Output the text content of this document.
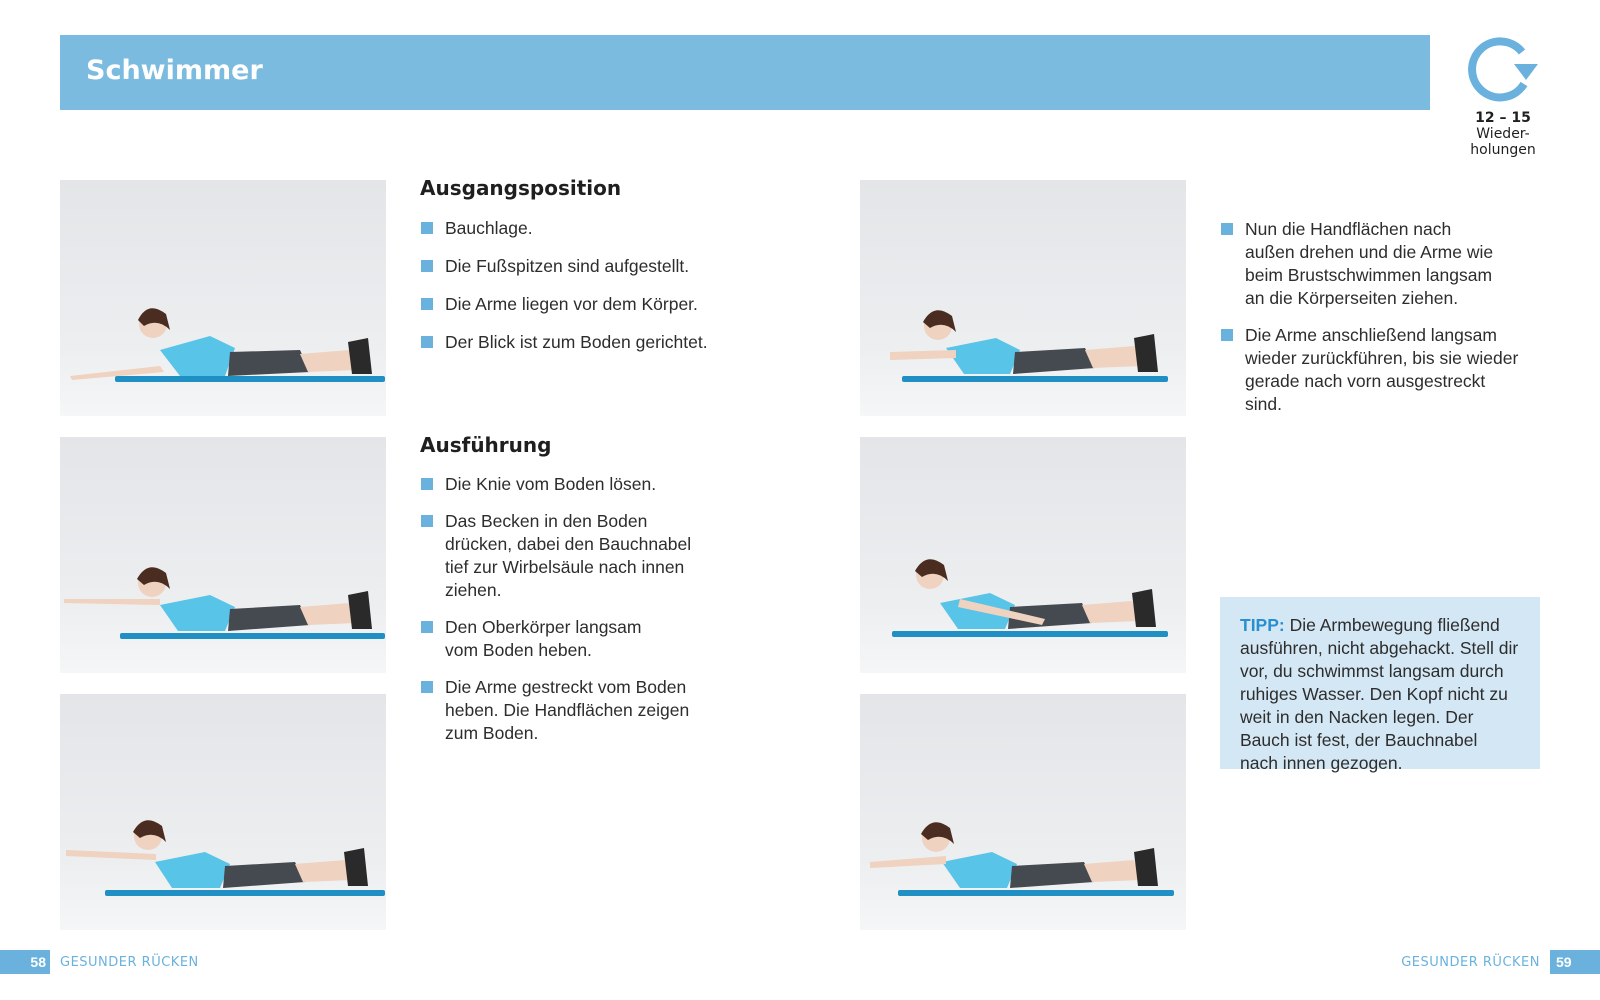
Schwimmer
12 – 15
Wieder-
holungen
Ausgangsposition
Bauchlage.
Die Fußspitzen sind aufgestellt.
Die Arme liegen vor dem Körper.
Der Blick ist zum Boden gerichtet.
Ausführung
Die Knie vom Boden lösen.
Das Becken in den Boden drücken, dabei den Bauchnabel tief zur Wirbelsäule nach innen ziehen.
Den Oberkörper langsam vom Boden heben.
Die Arme gestreckt vom Boden heben. Die Handflächen zeigen zum Boden.
Nun die Handflächen nach außen drehen und die Arme wie beim Brustschwimmen langsam an die Körperseiten ziehen.
Die Arme anschließend langsam wieder zurückführen, bis sie wieder gerade nach vorn ausgestreckt sind.
TIPP: Die Armbewegung fließend ausführen, nicht abgehackt. Stell dir vor, du schwimmst langsam durch ruhiges Wasser. Den Kopf nicht zu weit in den Nacken legen. Der Bauch ist fest, der Bauchnabel nach innen gezogen.
58	GESUNDER RÜCKEN	GESUNDER RÜCKEN	59
